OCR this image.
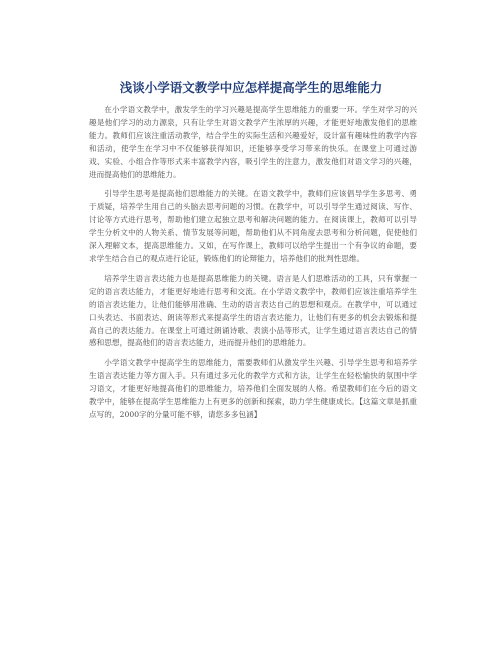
浅谈小学语文教学中应怎样提高学生的思维能力

在小学语文教学中，激发学生的学习兴趣是提高学生思维能力的重要一环。学生对学习的兴趣是他们学习的动力源泉，只有让学生对语文教学产生浓厚的兴趣，才能更好地激发他们的思维能力。教师们应该注重活动教学，结合学生的实际生活和兴趣爱好，设计富有趣味性的教学内容和活动，使学生在学习中不仅能够获得知识，还能够享受学习带来的快乐。在课堂上可通过游戏、实验、小组合作等形式来丰富教学内容，吸引学生的注意力，激发他们对语文学习的兴趣，进而提高他们的思维能力。

引导学生思考是提高他们思维能力的关键。在语文教学中，教师们应该倡导学生多思考、勇于质疑，培养学生用自己的头脑去思考问题的习惯。在教学中，可以引导学生通过阅读、写作、讨论等方式进行思考，帮助他们建立起独立思考和解决问题的能力。在阅读课上，教师可以引导学生分析文中的人物关系、情节发展等问题，帮助他们从不同角度去思考和分析问题，促使他们深入理解文本，提高思维能力。又如，在写作课上，教师可以给学生提出一个有争议的命题，要求学生结合自己的观点进行论证，锻炼他们的论辩能力，培养他们的批判性思维。

培养学生语言表达能力也是提高思维能力的关键。语言是人们思维活动的工具，只有掌握一定的语言表达能力，才能更好地进行思考和交流。在小学语文教学中，教师们应该注重培养学生的语言表达能力，让他们能够用准确、生动的语言表达自己的思想和观点。在教学中，可以通过口头表达、书面表达、朗读等形式来提高学生的语言表达能力，让他们有更多的机会去锻炼和提高自己的表达能力。在课堂上可通过朗诵诗歌、表演小品等形式，让学生通过语言表达自己的情感和思想，提高他们的语言表达能力，进而提升他们的思维能力。

小学语文教学中提高学生的思维能力，需要教师们从激发学生兴趣、引导学生思考和培养学生语言表达能力等方面入手。只有通过多元化的教学方式和方法，让学生在轻松愉快的氛围中学习语文，才能更好地提高他们的思维能力，培养他们全面发展的人格。希望教师们在今后的语文教学中，能够在提高学生思维能力上有更多的创新和探索，助力学生健康成长。【这篇文章是抓重点写的，2000字的分量可能不够，请您多多包涵】
